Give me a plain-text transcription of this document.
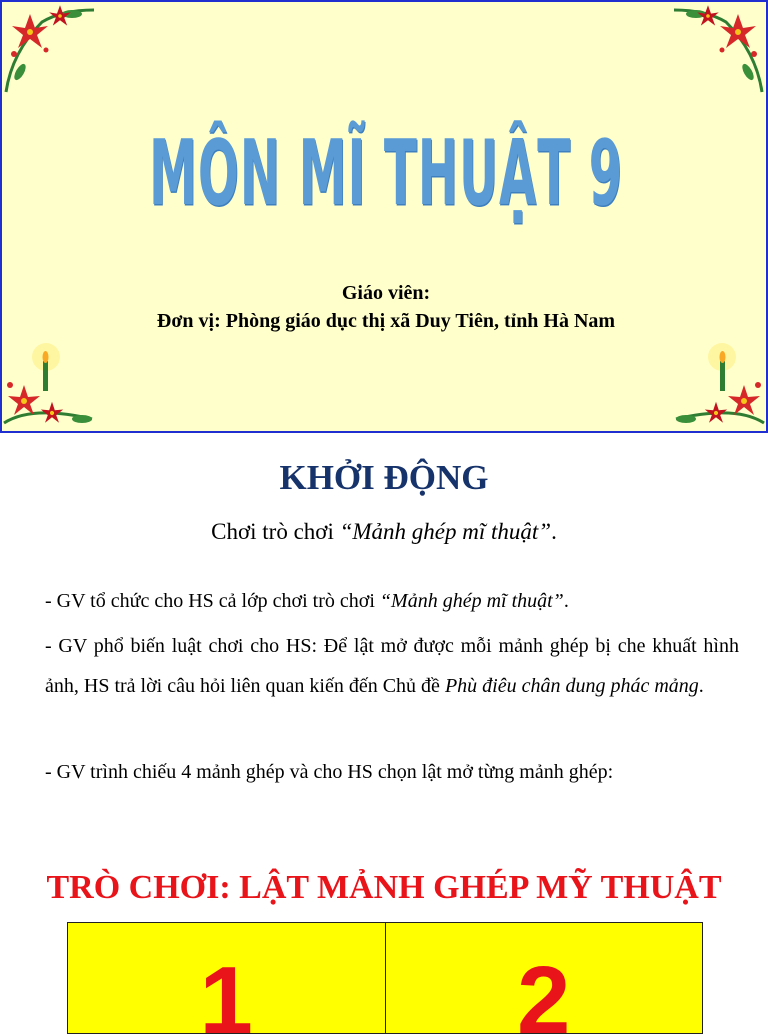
MÔN MĨ THUẬT 9
Giáo viên:
Đơn vị: Phòng giáo dục thị xã Duy Tiên, tỉnh Hà Nam
KHỞI ĐỘNG
Chơi trò chơi “Mảnh ghép mĩ thuật”.
- GV tổ chức cho HS cả lớp chơi trò chơi “Mảnh ghép mĩ thuật”.
- GV phổ biến luật chơi cho HS: Để lật mở được mỗi mảnh ghép bị che khuất hình ảnh, HS trả lời câu hỏi liên quan kiến đến Chủ đề Phù điêu chân dung phác mảng.
- GV trình chiếu 4 mảnh ghép và cho HS chọn lật mở từng mảnh ghép:
TRÒ CHƠI: LẬT MẢNH GHÉP MỸ THUẬT
1	2
